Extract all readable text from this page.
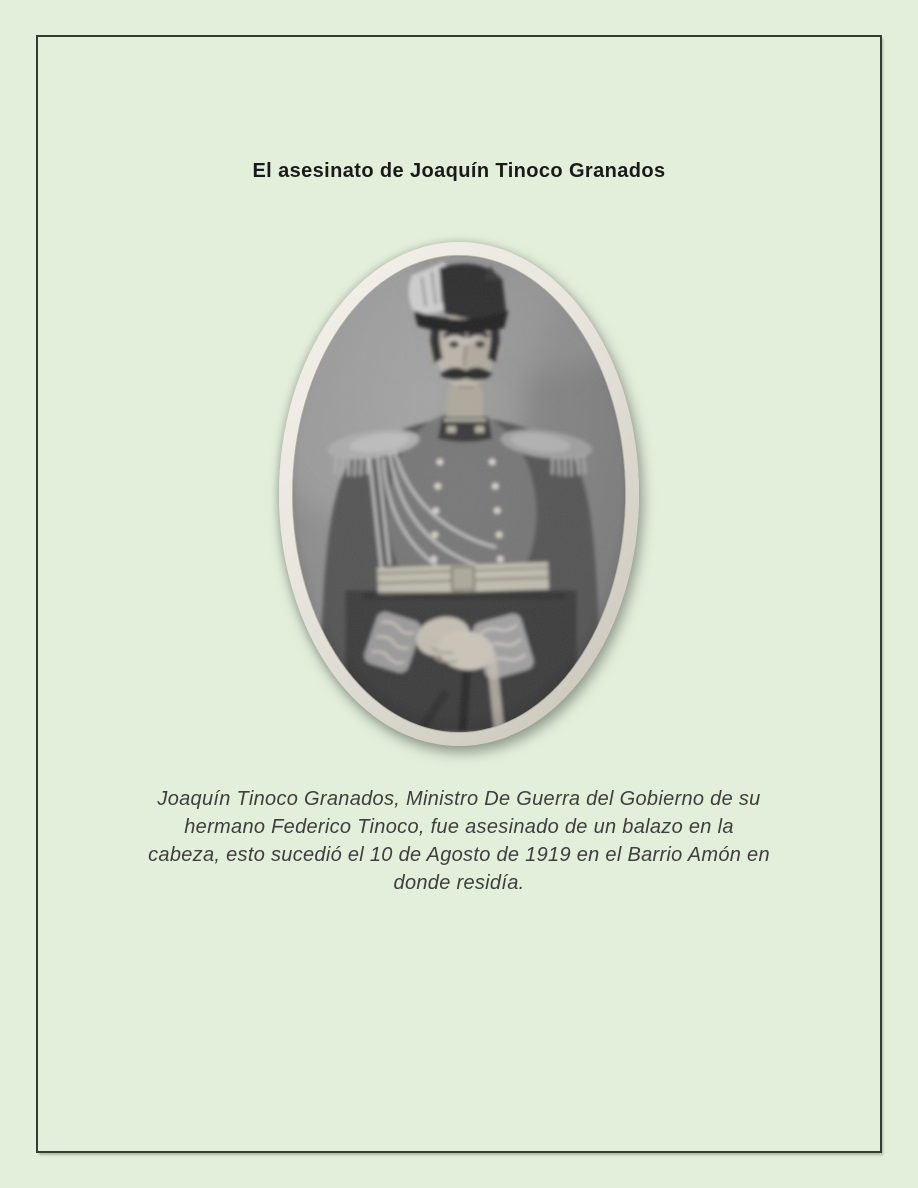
El asesinato de Joaquín Tinoco Granados

Joaquín Tinoco Granados, Ministro De Guerra del Gobierno de su
hermano Federico Tinoco, fue asesinado de un balazo en la
cabeza, esto sucedió el 10 de Agosto de 1919 en el Barrio Amón en
donde residía.
